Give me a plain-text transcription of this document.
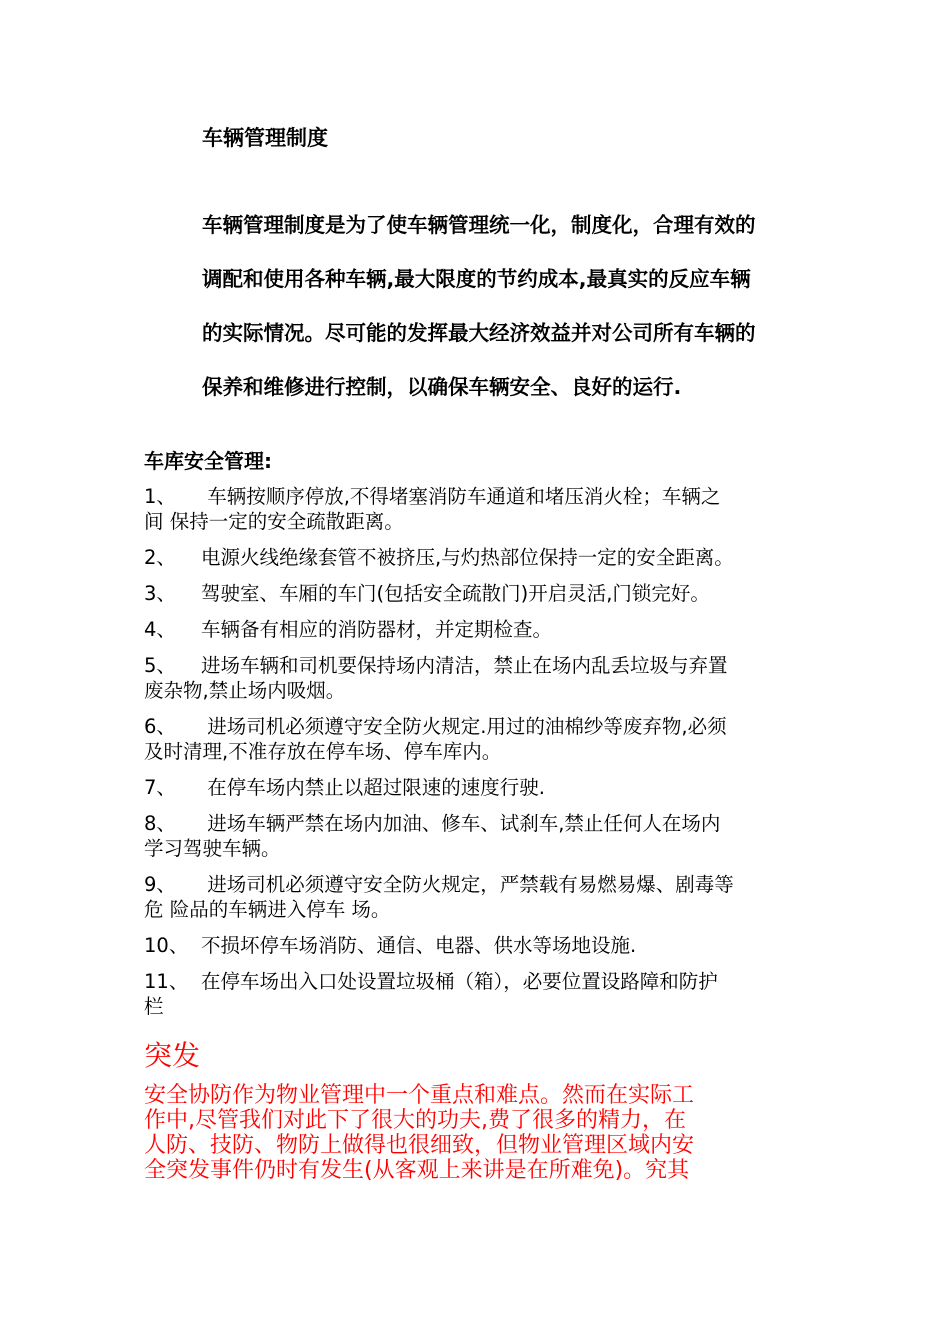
车辆管理制度
车辆管理制度是为了使车辆管理统一化，制度化，合理有效的
调配和使用各种车辆,最大限度的节约成本,最真实的反应车辆
的实际情况。尽可能的发挥最大经济效益并对公司所有车辆的
保养和维修进行控制，以确保车辆安全、良好的运行.
车库安全管理:
1、 车辆按顺序停放,不得堵塞消防车通道和堵压消火栓；车辆之
间 保持一定的安全疏散距离。
2、 电源火线绝缘套管不被挤压,与灼热部位保持一定的安全距离。
3、 驾驶室、车厢的车门(包括安全疏散门)开启灵活,门锁完好。
4、 车辆备有相应的消防器材，并定期检查。
5、 进场车辆和司机要保持场内清洁，禁止在场内乱丢垃圾与弃置
废杂物,禁止场内吸烟。
6、 进场司机必须遵守安全防火规定.用过的油棉纱等废弃物,必须
及时清理,不准存放在停车场、停车库内。
7、 在停车场内禁止以超过限速的速度行驶.
8、 进场车辆严禁在场内加油、修车、试刹车,禁止任何人在场内
学习驾驶车辆。
9、 进场司机必须遵守安全防火规定，严禁载有易燃易爆、剧毒等
危 险品的车辆进入停车 场。
10、 不损坏停车场消防、通信、电器、供水等场地设施.
11、 在停车场出入口处设置垃圾桶（箱），必要位置设路障和防护
栏
突发
安全协防作为物业管理中一个重点和难点。然而在实际工
作中,尽管我们对此下了很大的功夫,费了很多的精力，在
人防、技防、物防上做得也很细致，但物业管理区域内安
全突发事件仍时有发生(从客观上来讲是在所难免)。究其
